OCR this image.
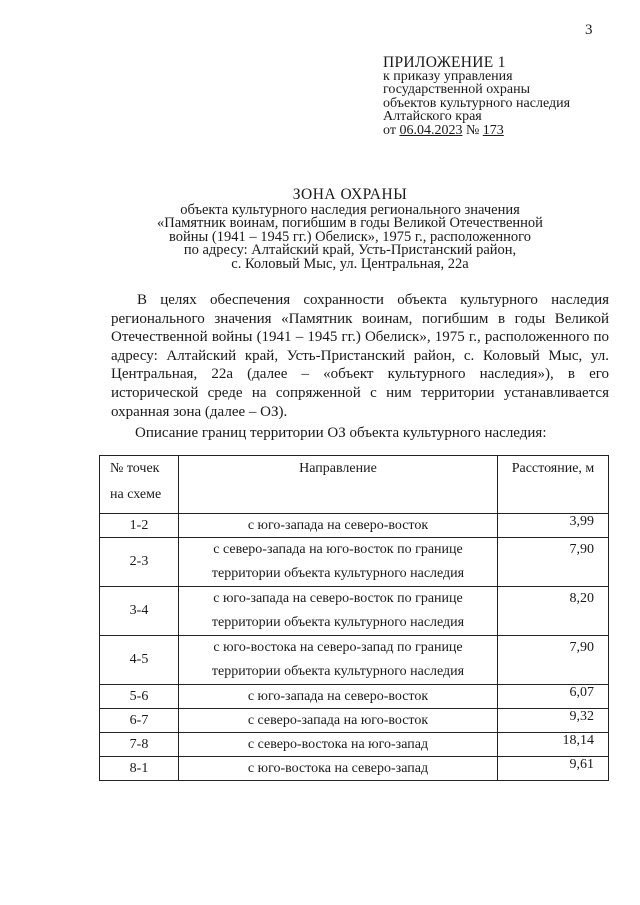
3
ПРИЛОЖЕНИЕ 1
к приказу управления
государственной охраны
объектов культурного наследия
Алтайского края
от 06.04.2023 № 173
ЗОНА ОХРАНЫ
объекта культурного наследия регионального значения
«Памятник воинам, погибшим в годы Великой Отечественной
войны (1941 – 1945 гг.) Обелиск», 1975 г., расположенного
по адресу: Алтайский край, Усть-Пристанский район,
с. Коловый Мыс, ул. Центральная, 22а
В целях обеспечения сохранности объекта культурного наследия регионального значения «Памятник воинам, погибшим в годы Великой Отечественной войны (1941 – 1945 гг.) Обелиск», 1975 г., расположенного по адресу: Алтайский край, Усть-Пристанский район, с. Коловый Мыс, ул. Центральная, 22а (далее – «объект культурного наследия»), в его исторической среде на сопряженной с ним территории устанавливается охранная зона (далее – ОЗ).
Описание границ территории ОЗ объекта культурного наследия:
№ точек
на схеме	Направление	Расстояние, м

1-2	с юго-запада на северо-восток	3,99
2-3	с северо-запада на юго-восток по границе
территории объекта культурного наследия	7,90
3-4	с юго-запада на северо-восток по границе
территории объекта культурного наследия	8,20
4-5	с юго-востока на северо-запад по границе
территории объекта культурного наследия	7,90
5-6	с юго-запада на северо-восток	6,07
6-7	с северо-запада на юго-восток	9,32
7-8	с северо-востока на юго-запад	18,14
8-1	с юго-востока на северо-запад	9,61
